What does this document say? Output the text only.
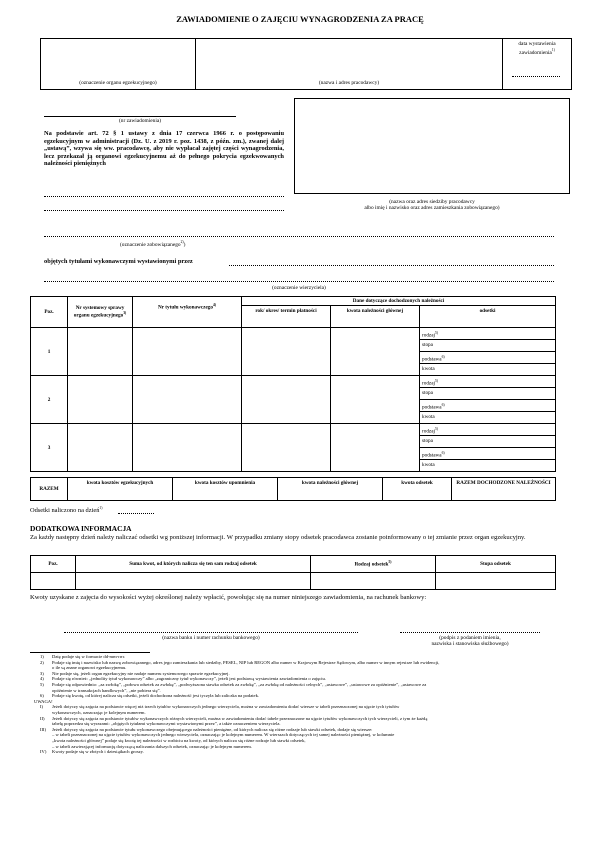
ZAWIADOMIENIE O ZAJĘCIU WYNAGRODZENIA ZA PRACĘ
(oznaczenie organu egzekucyjnego)	(nazwa i adres pracodawcy)
data wystawienia zawiadomienia$^{1)}$
(nr zawiadomienia)
Na podstawie art. 72 § 1 ustawy z dnia 17 czerwca 1966 r. o postępowaniu egzekucyjnym w administracji (Dz. U. z 2019 r. poz. 1438, z późn. zm.), zwanej dalej „ustawą”, wzywa się ww. pracodawcę, aby nie wypłacał zajętej części wynagrodzenia, lecz przekazał ją organowi egzekucyjnemu aż do pełnego pokrycia egzekwowanych należności pieniężnych
(nazwa oraz adres siedziby pracodawcy
albo imię i nazwisko oraz adres zamieszkania zobowiązanego)
(oznaczenie zobowiązanego$^{2)}$)
objętych tytułami wykonawczymi wystawionymi przez
(oznaczenie wierzyciela)
Poz.	Nr systemowy sprawy organu egzekucyjnego$^{3)}$	Nr tytułu wykonawczego$^{4)}$	Dane dotyczące dochodzonych należności		
			rok/ okres/ termin płatności	kwota należności głównej	odsetki
1					rodzaj$^{5)}$
stopa
podstawa$^{6)}$
kwota

2					rodzaj$^{5)}$
stopa
podstawa$^{6)}$
kwota

3					rodzaj$^{5)}$
stopa
podstawa$^{6)}$
kwota
RAZEM	kwota kosztów egzekucyjnych	kwota kosztów upomnienia	kwota należności głównej	kwota odsetek	RAZEM DOCHODZONE NALEŻNOŚCI
Odsetki naliczono na dzień$^{1)}$
DODATKOWA INFORMACJA
Za każdy następny dzień należy naliczać odsetki wg poniższej informacji. W przypadku zmiany stopy odsetek pracodawca zostanie poinformowany o tej zmianie przez organ egzekucyjny.
Poz.	Suma kwot, od których nalicza się ten sam rodzaj odsetek	Rodzaj odsetek$^{5)}$	Stopa odsetek

Kwoty uzyskane z zajęcia do wysokości wyżej określonej należy wpłacić, powołując się na numer niniejszego zawiadomienia, na rachunek bankowy:
(nazwa banku i numer rachunku bankowego)	(podpis z podaniem imienia,
nazwiska i stanowiska służbowego)
1)	Datę podaje się w formacie dd-mm-rrrr.
2)	Podaje się imię i nazwisko lub nazwę zobowiązanego, adres jego zamieszkania lub siedziby, PESEL, NIP lub REGON albo numer w Krajowym Rejestrze Sądowym, albo numer w innym rejestrze lub ewidencji,
o ile są znane organowi egzekucyjnemu.
3)	Nie podaje się, jeżeli organ egzekucyjny nie nadaje numeru systemowego sprawie egzekucyjnej.
4)	Podaje się również: „jednolity tytuł wykonawczy” albo „zagraniczny tytuł wykonawczy”, jeżeli jest podstawą wystawienia zawiadomienia o zajęciu.
5)	Podaje się odpowiednio: „za zwłokę”, „połowa odsetek za zwłokę”, „podwyższona stawka odsetek za zwłokę”, „za zwłokę od należności celnych”, „ustawowe”, „ustawowe za opóźnienie”, „ustawowe za
opóźnienie w transakcjach handlowych”, „nie pobiera się”.
6)	Podaje się kwotę, od której nalicza się odsetki, jeżeli dochodzona należność jest tyczyła lub zaliczka na podatek.
UWAGA!
I)	Jeżeli dotyczy się zajęcia na podstawie więcej niż trzech tytułów wykonawczych jednego wierzyciela, można w zawiadomieniu dodać wiersze w tabeli przeznaczonej na ujęcie tych tytułów
wykonawczych, oznaczając je kolejnym numerem.
II)	Jeżeli dotyczy się zajęcia na podstawie tytułów wykonawczych różnych wierzycieli, można w zawiadomieniu dodać tabele przeznaczone na ujęcie tytułów wykonawczych tych wierzycieli, z tym że każdą
tabelę poprzedza się wyrazami: „objętych tytułami wykonawczymi wystawionymi przez”, a także oznaczeniem wierzyciela.
III)	Jeżeli dotyczy się zajęcia na podstawie tytułu wykonawczego obejmującego należności pieniężne, od których nalicza się różne rodzaje lub stawki odsetek, dodaje się wiersze:
– w tabeli przeznaczonej na ujęcie tytułów wykonawczych jednego wierzyciela, oznaczając je kolejnym numerem. W wierszach dotyczących tej samej należności pieniężnej, w kolumnie
„kwota należności głównej” podaje się kwotę tej należności w rozbiciu na kwoty, od których nalicza się różne rodzaje lub stawki odsetek,
– w tabeli zawierającej informację dotyczącą naliczania dalszych odsetek, oznaczając je kolejnym numerem.
IV)	Kwoty podaje się w złotych i dziesiątkach groszy.
